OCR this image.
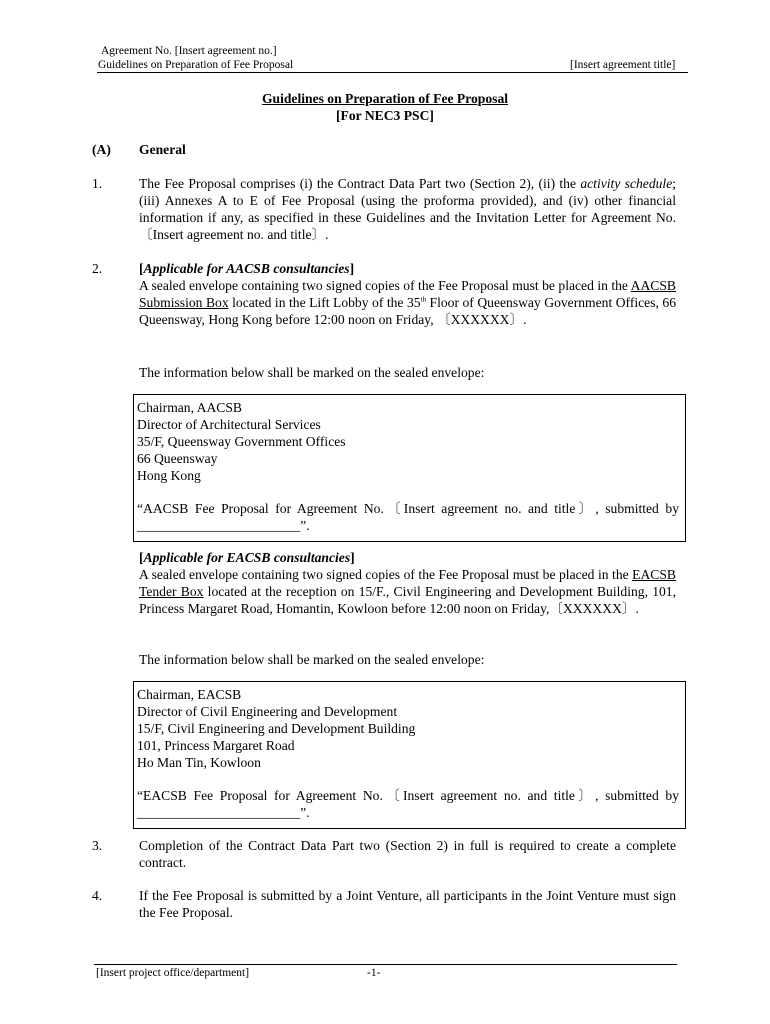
Agreement No. [Insert agreement no.]
Guidelines on Preparation of Fee Proposal	[Insert agreement title]
Guidelines on Preparation of Fee Proposal
[For NEC3 PSC]
(A) General
1.	The Fee Proposal comprises (i) the Contract Data Part two (Section 2), (ii) the activity schedule; (iii) Annexes A to E of Fee Proposal (using the proforma provided), and (iv) other financial information if any, as specified in these Guidelines and the Invitation Letter for Agreement No.〔Insert agreement no. and title〕.
2.	[Applicable for AACSB consultancies]
A sealed envelope containing two signed copies of the Fee Proposal must be placed in the AACSB Submission Box located in the Lift Lobby of the 35th Floor of Queensway Government Offices, 66 Queensway, Hong Kong before 12:00 noon on Friday, 〔XXXXXX〕.
The information below shall be marked on the sealed envelope:
Chairman, AACSB
Director of Architectural Services
35/F, Queensway Government Offices
66 Queensway
Hong Kong
“AACSB Fee Proposal for Agreement No.〔Insert agreement no. and title〕, submitted by ________________________”.
[Applicable for EACSB consultancies]
A sealed envelope containing two signed copies of the Fee Proposal must be placed in the EACSB Tender Box located at the reception on 15/F., Civil Engineering and Development Building, 101, Princess Margaret Road, Homantin, Kowloon before 12:00 noon on Friday,〔XXXXXX〕.
The information below shall be marked on the sealed envelope:
Chairman, EACSB
Director of Civil Engineering and Development
15/F, Civil Engineering and Development Building
101, Princess Margaret Road
Ho Man Tin, Kowloon
“EACSB Fee Proposal for Agreement No.〔Insert agreement no. and title〕, submitted by ________________________”.
3.	Completion of the Contract Data Part two (Section 2) in full is required to create a complete contract.
4.	If the Fee Proposal is submitted by a Joint Venture, all participants in the Joint Venture must sign the Fee Proposal.
[Insert project office/department]	-1-
